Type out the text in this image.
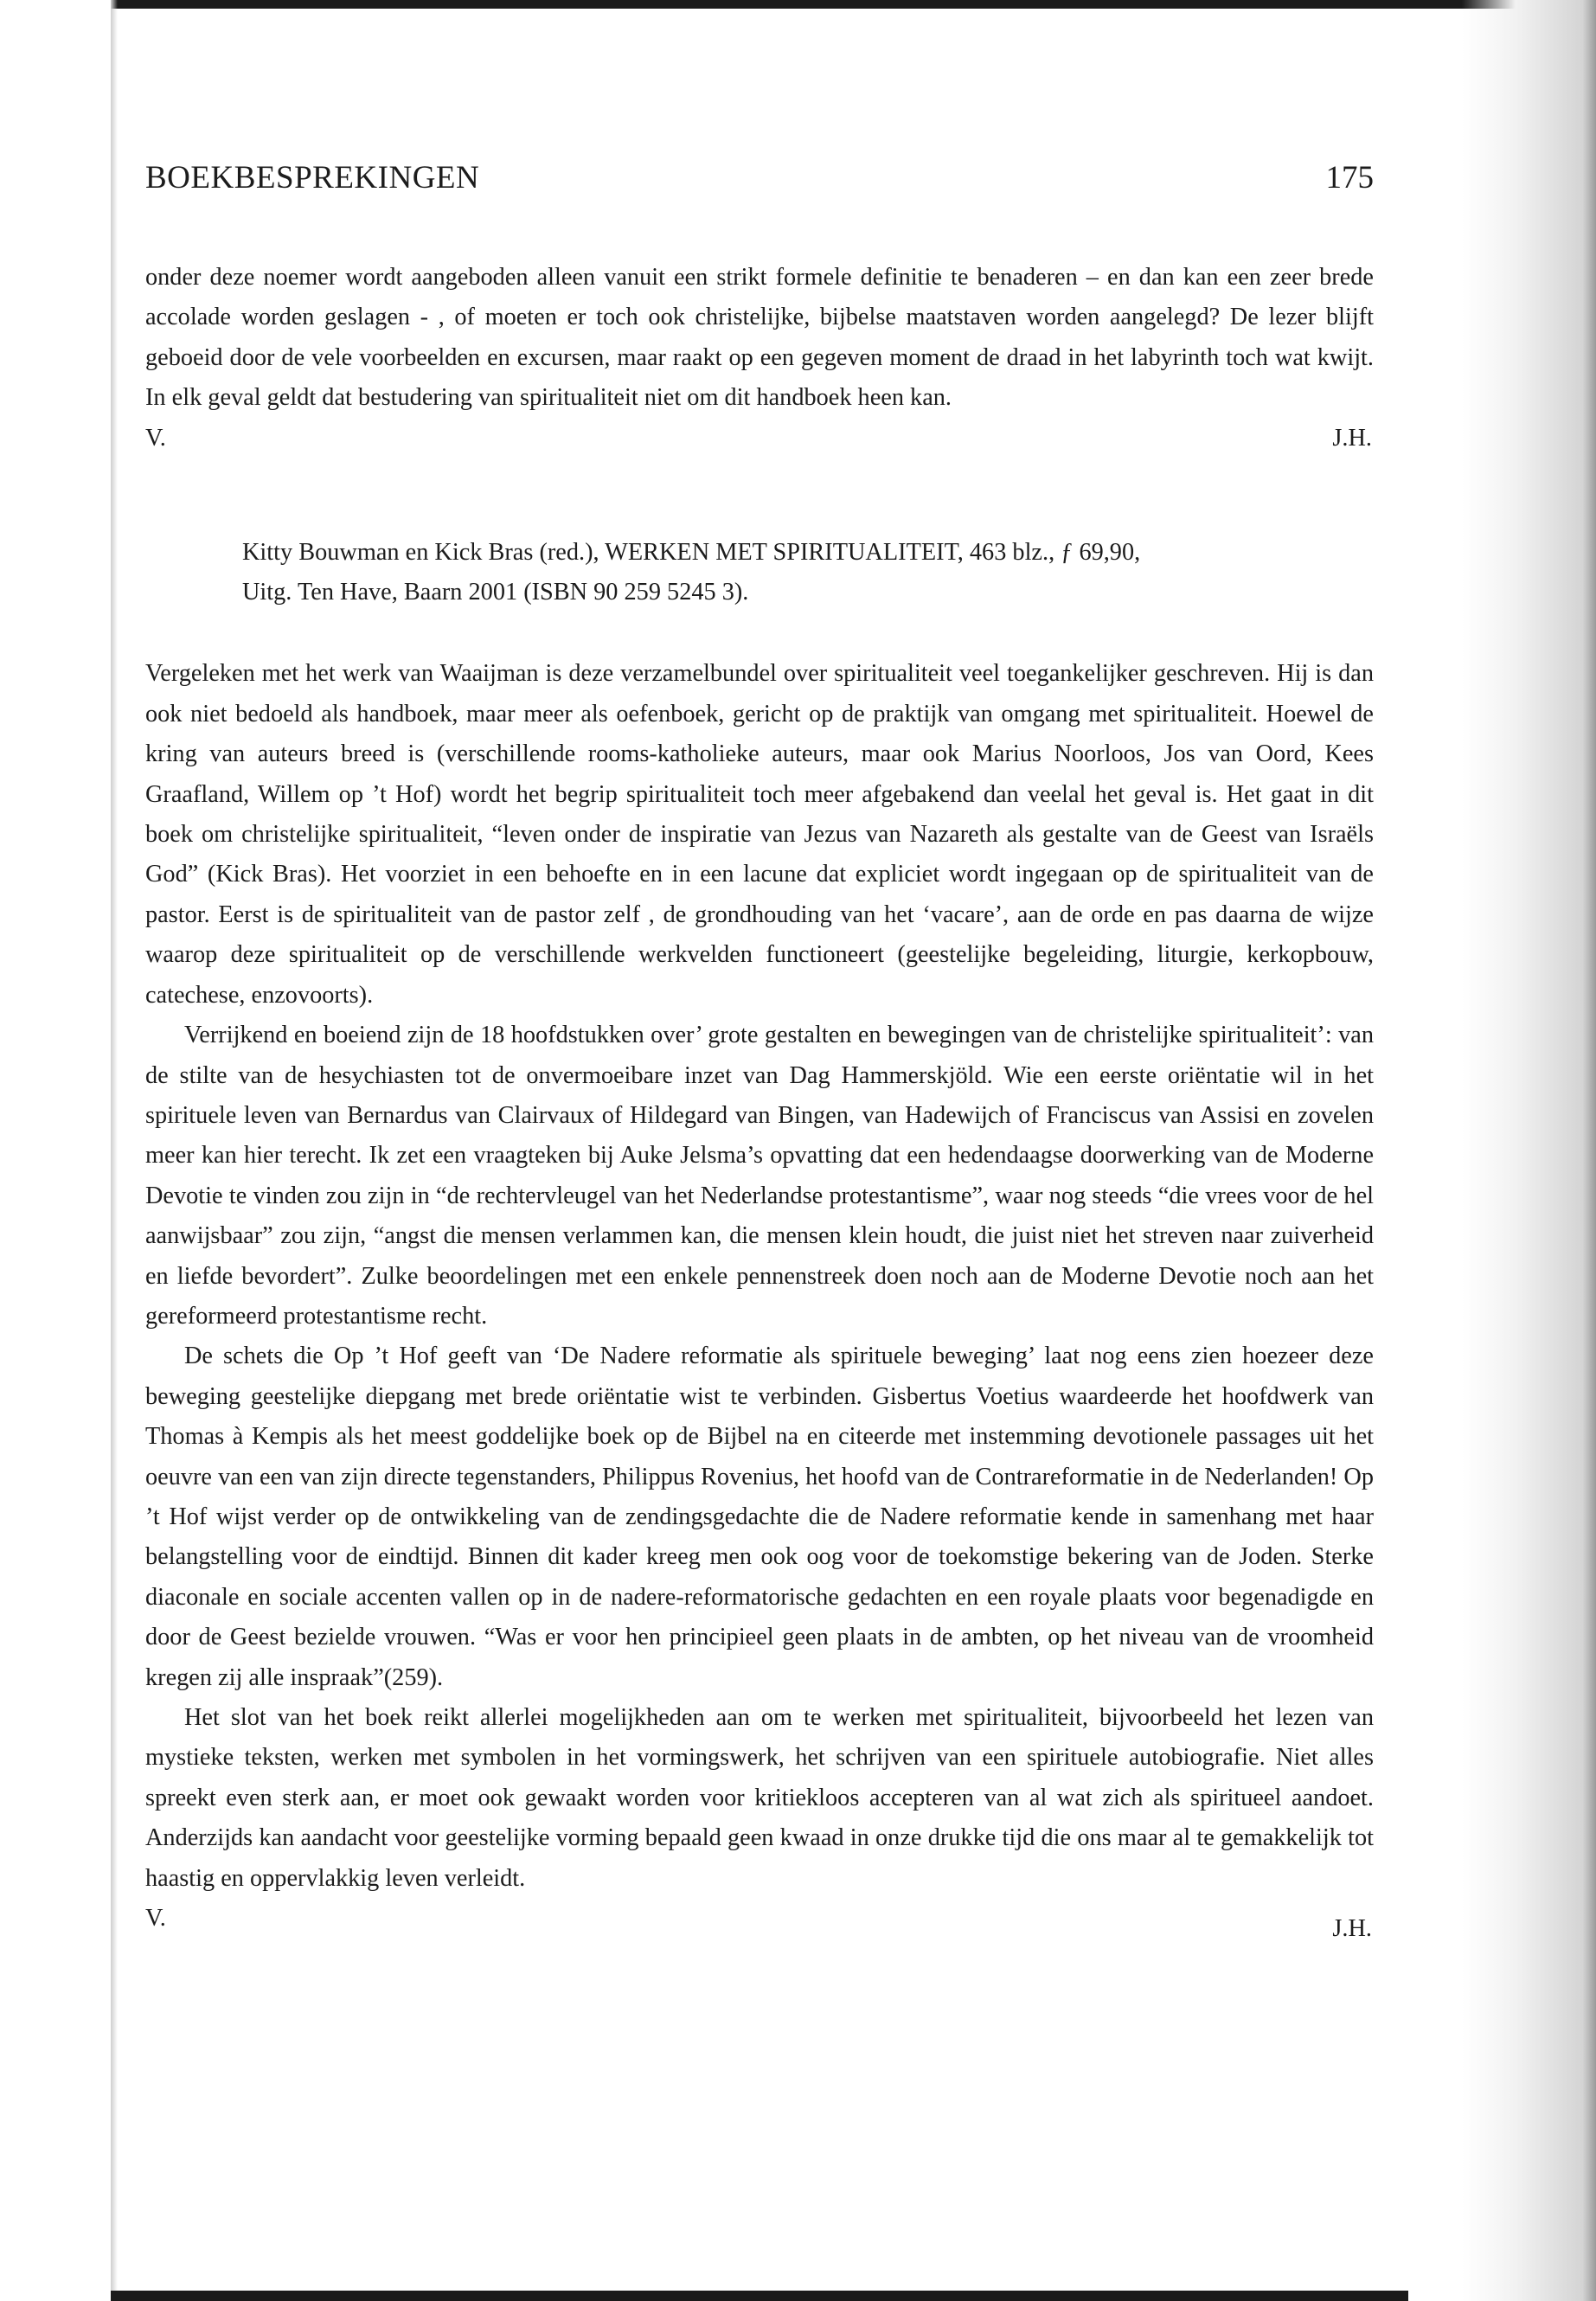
BOEKBESPREKINGEN	175

onder deze noemer wordt aangeboden alleen vanuit een strikt formele definitie te benaderen – en dan kan een zeer brede accolade worden geslagen - , of moeten er toch ook christelijke, bijbelse maatstaven worden aangelegd? De lezer blijft geboeid door de vele voorbeelden en excursen, maar raakt op een gegeven moment de draad in het labyrinth toch wat kwijt. In elk geval geldt dat bestudering van spiritualiteit niet om dit handboek heen kan.

V.	J.H.
Kitty Bouwman en Kick Bras (red.), WERKEN MET SPIRITUALITEIT, 463 blz., ƒ 69,90,
Uitg. Ten Have, Baarn 2001 (ISBN 90 259 5245 3).

Vergeleken met het werk van Waaijman is deze verzamelbundel over spiritualiteit veel toegankelijker geschreven. Hij is dan ook niet bedoeld als handboek, maar meer als oefenboek, gericht op de praktijk van omgang met spiritualiteit. Hoewel de kring van auteurs breed is (verschillende rooms-katholieke auteurs, maar ook Marius Noorloos, Jos van Oord, Kees Graafland, Willem op ’t Hof) wordt het begrip spiritualiteit toch meer afgebakend dan veelal het geval is. Het gaat in dit boek om christelijke spiritualiteit, “leven onder de inspiratie van Jezus van Nazareth als gestalte van de Geest van Israëls God” (Kick Bras). Het voorziet in een behoefte en in een lacune dat expliciet wordt ingegaan op de spiritualiteit van de pastor. Eerst is de spiritualiteit van de pastor zelf , de grondhouding van het ‘vacare’, aan de orde en pas daarna de wijze waarop deze spiritualiteit op de verschillende werkvelden functioneert (geestelijke begeleiding, liturgie, kerkopbouw, catechese, enzovoorts).

Verrijkend en boeiend zijn de 18 hoofdstukken over’ grote gestalten en bewegingen van de christelijke spiritualiteit’: van de stilte van de hesychiasten tot de onvermoeibare inzet van Dag Hammerskjöld. Wie een eerste oriëntatie wil in het spirituele leven van Bernardus van Clairvaux of Hildegard van Bingen, van Hadewijch of Franciscus van Assisi en zovelen meer kan hier terecht. Ik zet een vraagteken bij Auke Jelsma’s opvatting dat een hedendaagse doorwerking van de Moderne Devotie te vinden zou zijn in “de rechtervleugel van het Nederlandse protestantisme”, waar nog steeds “die vrees voor de hel aanwijsbaar” zou zijn, “angst die mensen verlammen kan, die mensen klein houdt, die juist niet het streven naar zuiverheid en liefde bevordert”. Zulke beoordelingen met een enkele pennenstreek doen noch aan de Moderne Devotie noch aan het gereformeerd protestantisme recht.

De schets die Op ’t Hof geeft van ‘De Nadere reformatie als spirituele beweging’ laat nog eens zien hoezeer deze beweging geestelijke diepgang met brede oriëntatie wist te verbinden. Gisbertus Voetius waardeerde het hoofdwerk van Thomas à Kempis als het meest goddelijke boek op de Bijbel na en citeerde met instemming devotionele passages uit het oeuvre van een van zijn directe tegenstanders, Philippus Rovenius, het hoofd van de Contrareformatie in de Nederlanden! Op ’t Hof wijst verder op de ontwikkeling van de zendingsgedachte die de Nadere reformatie kende in samenhang met haar belangstelling voor de eindtijd. Binnen dit kader kreeg men ook oog voor de toekomstige bekering van de Joden. Sterke diaconale en sociale accenten vallen op in de nadere-reformatorische gedachten en een royale plaats voor begenadigde en door de Geest bezielde vrouwen. “Was er voor hen principieel geen plaats in de ambten, op het niveau van de vroomheid kregen zij alle inspraak”(259).

Het slot van het boek reikt allerlei mogelijkheden aan om te werken met spiritualiteit, bijvoorbeeld het lezen van mystieke teksten, werken met symbolen in het vormingswerk, het schrijven van een spirituele autobiografie. Niet alles spreekt even sterk aan, er moet ook gewaakt worden voor kritiekloos accepteren van al wat zich als spiritueel aandoet. Anderzijds kan aandacht voor geestelijke vorming bepaald geen kwaad in onze drukke tijd die ons maar al te gemakkelijk tot haastig en oppervlakkig leven verleidt.

V.	J.H.
